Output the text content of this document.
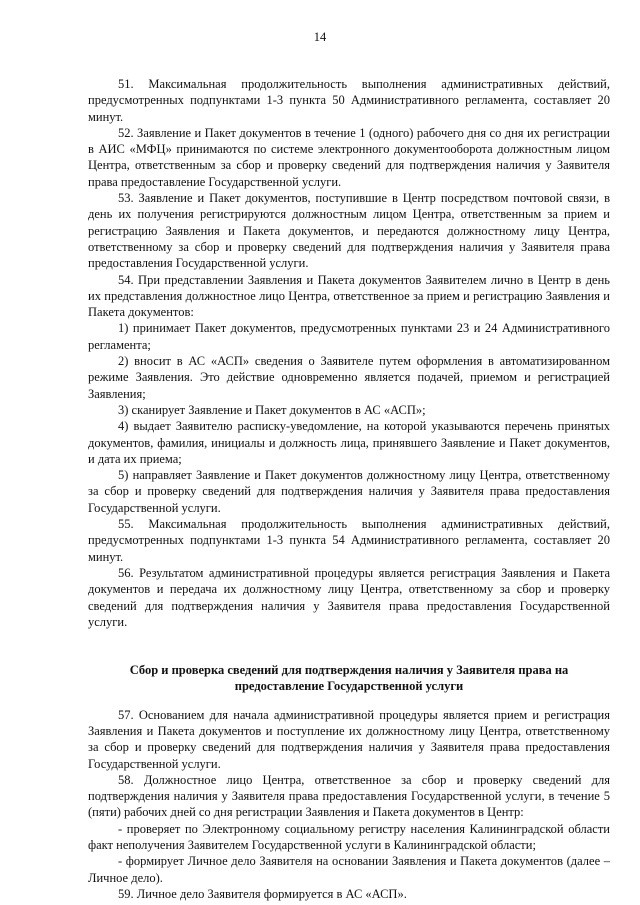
14

51. Максимальная продолжительность выполнения административных действий, предусмотренных подпунктами 1-3 пункта 50 Административного регламента, составляет 20 минут.

52. Заявление и Пакет документов в течение 1 (одного) рабочего дня со дня их регистрации в АИС «МФЦ» принимаются по системе электронного документооборота должностным лицом Центра, ответственным за сбор и проверку сведений для подтверждения наличия у Заявителя права предоставление Государственной услуги.

53. Заявление и Пакет документов, поступившие в Центр посредством почтовой связи, в день их получения регистрируются должностным лицом Центра, ответственным за прием и регистрацию Заявления и Пакета документов, и передаются должностному лицу Центра, ответственному за сбор и проверку сведений для подтверждения наличия у Заявителя права предоставления Государственной услуги.

54. При представлении Заявления и Пакета документов Заявителем лично в Центр в день их представления должностное лицо Центра, ответственное за прием и регистрацию Заявления и Пакета документов:

1) принимает Пакет документов, предусмотренных пунктами 23 и 24 Административного регламента;

2) вносит в АС «АСП» сведения о Заявителе путем оформления в автоматизированном режиме Заявления. Это действие одновременно является подачей, приемом и регистрацией Заявления;

3) сканирует Заявление и Пакет документов в АС «АСП»;

4) выдает Заявителю расписку-уведомление, на которой указываются перечень принятых документов, фамилия, инициалы и должность лица, принявшего Заявление и Пакет документов, и дата их приема;

5) направляет Заявление и Пакет документов должностному лицу Центра, ответственному за сбор и проверку сведений для подтверждения наличия у Заявителя права предоставления Государственной услуги.

55. Максимальная продолжительность выполнения административных действий, предусмотренных подпунктами 1-3 пункта 54 Административного регламента, составляет 20 минут.

56. Результатом административной процедуры является регистрация Заявления и Пакета документов и передача их должностному лицу Центра, ответственному за сбор и проверку сведений для подтверждения наличия у Заявителя права предоставления Государственной услуги.

Сбор и проверка сведений для подтверждения наличия у Заявителя права на предоставление Государственной услуги

57. Основанием для начала административной процедуры является прием и регистрация Заявления и Пакета документов и поступление их должностному лицу Центра, ответственному за сбор и проверку сведений для подтверждения наличия у Заявителя права предоставления Государственной услуги.

58. Должностное лицо Центра, ответственное за сбор и проверку сведений для подтверждения наличия у Заявителя права предоставления Государственной услуги, в течение 5 (пяти) рабочих дней со дня регистрации Заявления и Пакета документов в Центр:

- проверяет по Электронному социальному регистру населения Калининградской области факт неполучения Заявителем Государственной услуги в Калининградской области;

- формирует Личное дело Заявителя на основании Заявления и Пакета документов (далее – Личное дело).

59. Личное дело Заявителя формируется в АС «АСП».
